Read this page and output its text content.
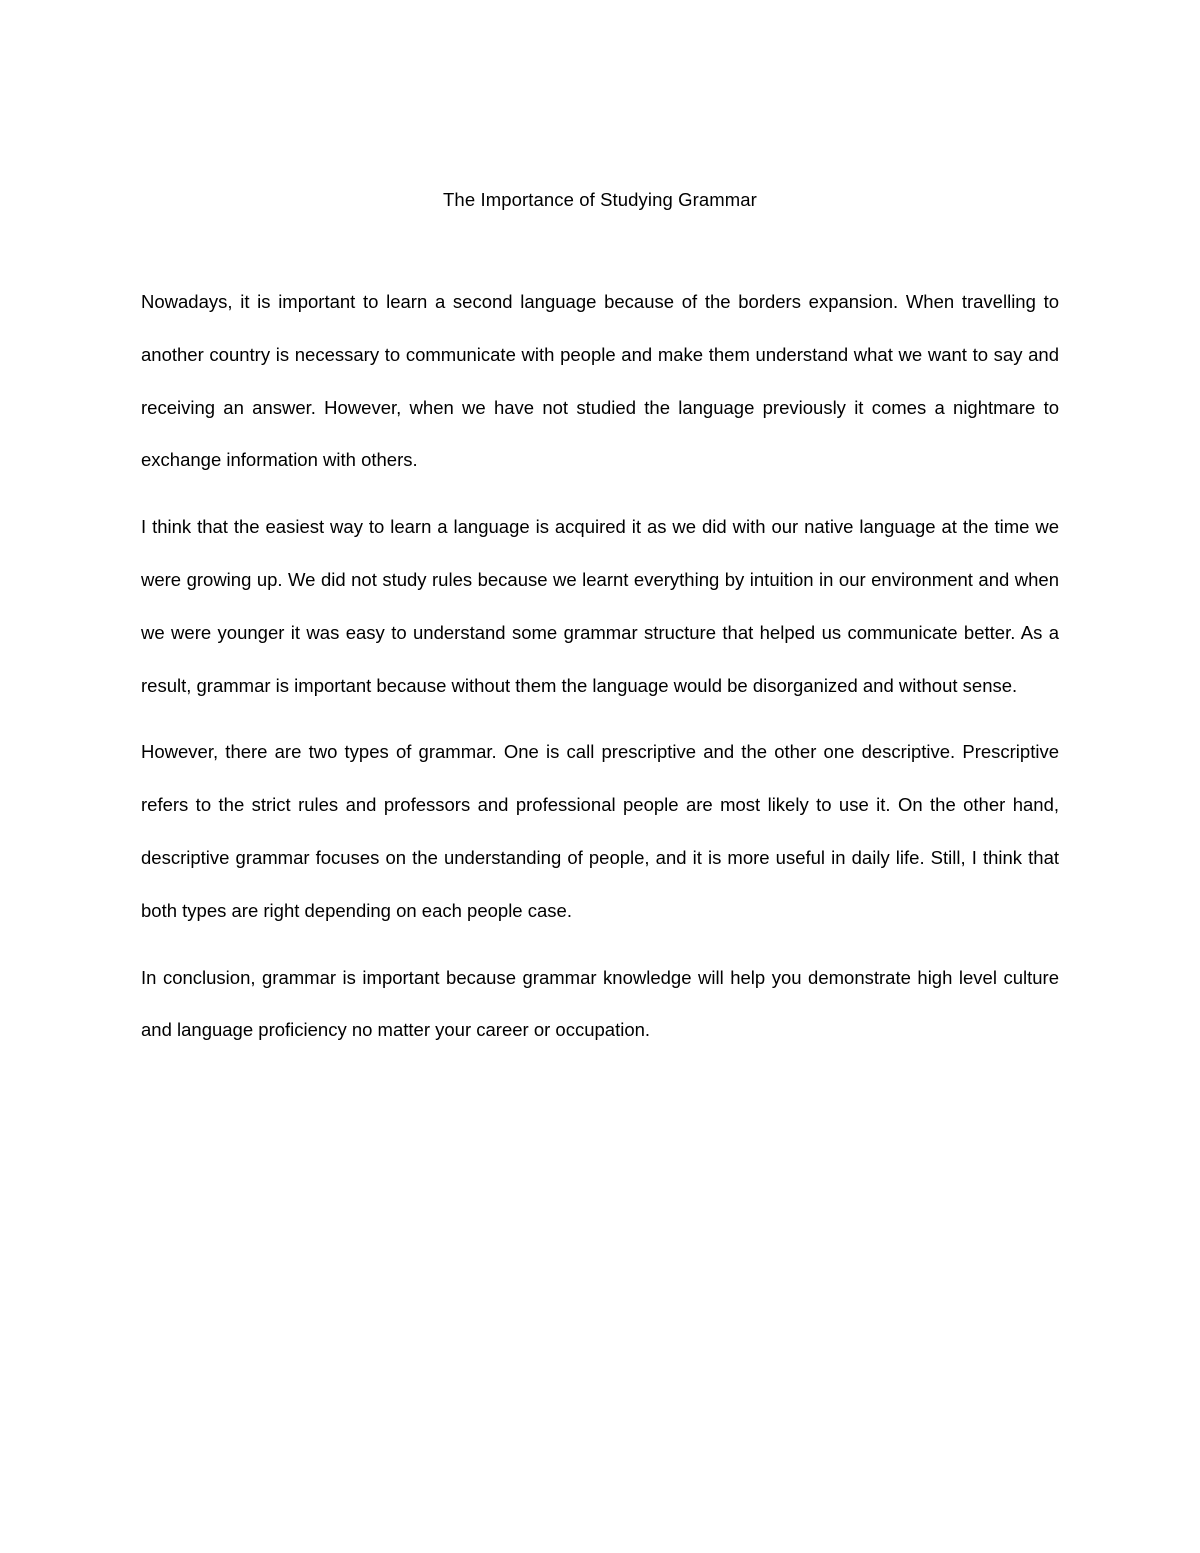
The Importance of Studying Grammar

Nowadays, it is important to learn a second language because of the borders expansion. When travelling to another country is necessary to communicate with people and make them understand what we want to say and receiving an answer. However, when we have not studied the language previously it comes a nightmare to exchange information with others.

I think that the easiest way to learn a language is acquired it as we did with our native language at the time we were growing up. We did not study rules because we learnt everything by intuition in our environment and when we were younger it was easy to understand some grammar structure that helped us communicate better. As a result, grammar is important because without them the language would be disorganized and without sense.

However, there are two types of grammar. One is call prescriptive and the other one descriptive. Prescriptive refers to the strict rules and professors and professional people are most likely to use it. On the other hand, descriptive grammar focuses on the understanding of people, and it is more useful in daily life. Still, I think that both types are right depending on each people case.

In conclusion, grammar is important because grammar knowledge will help you demonstrate high level culture and language proficiency no matter your career or occupation.
